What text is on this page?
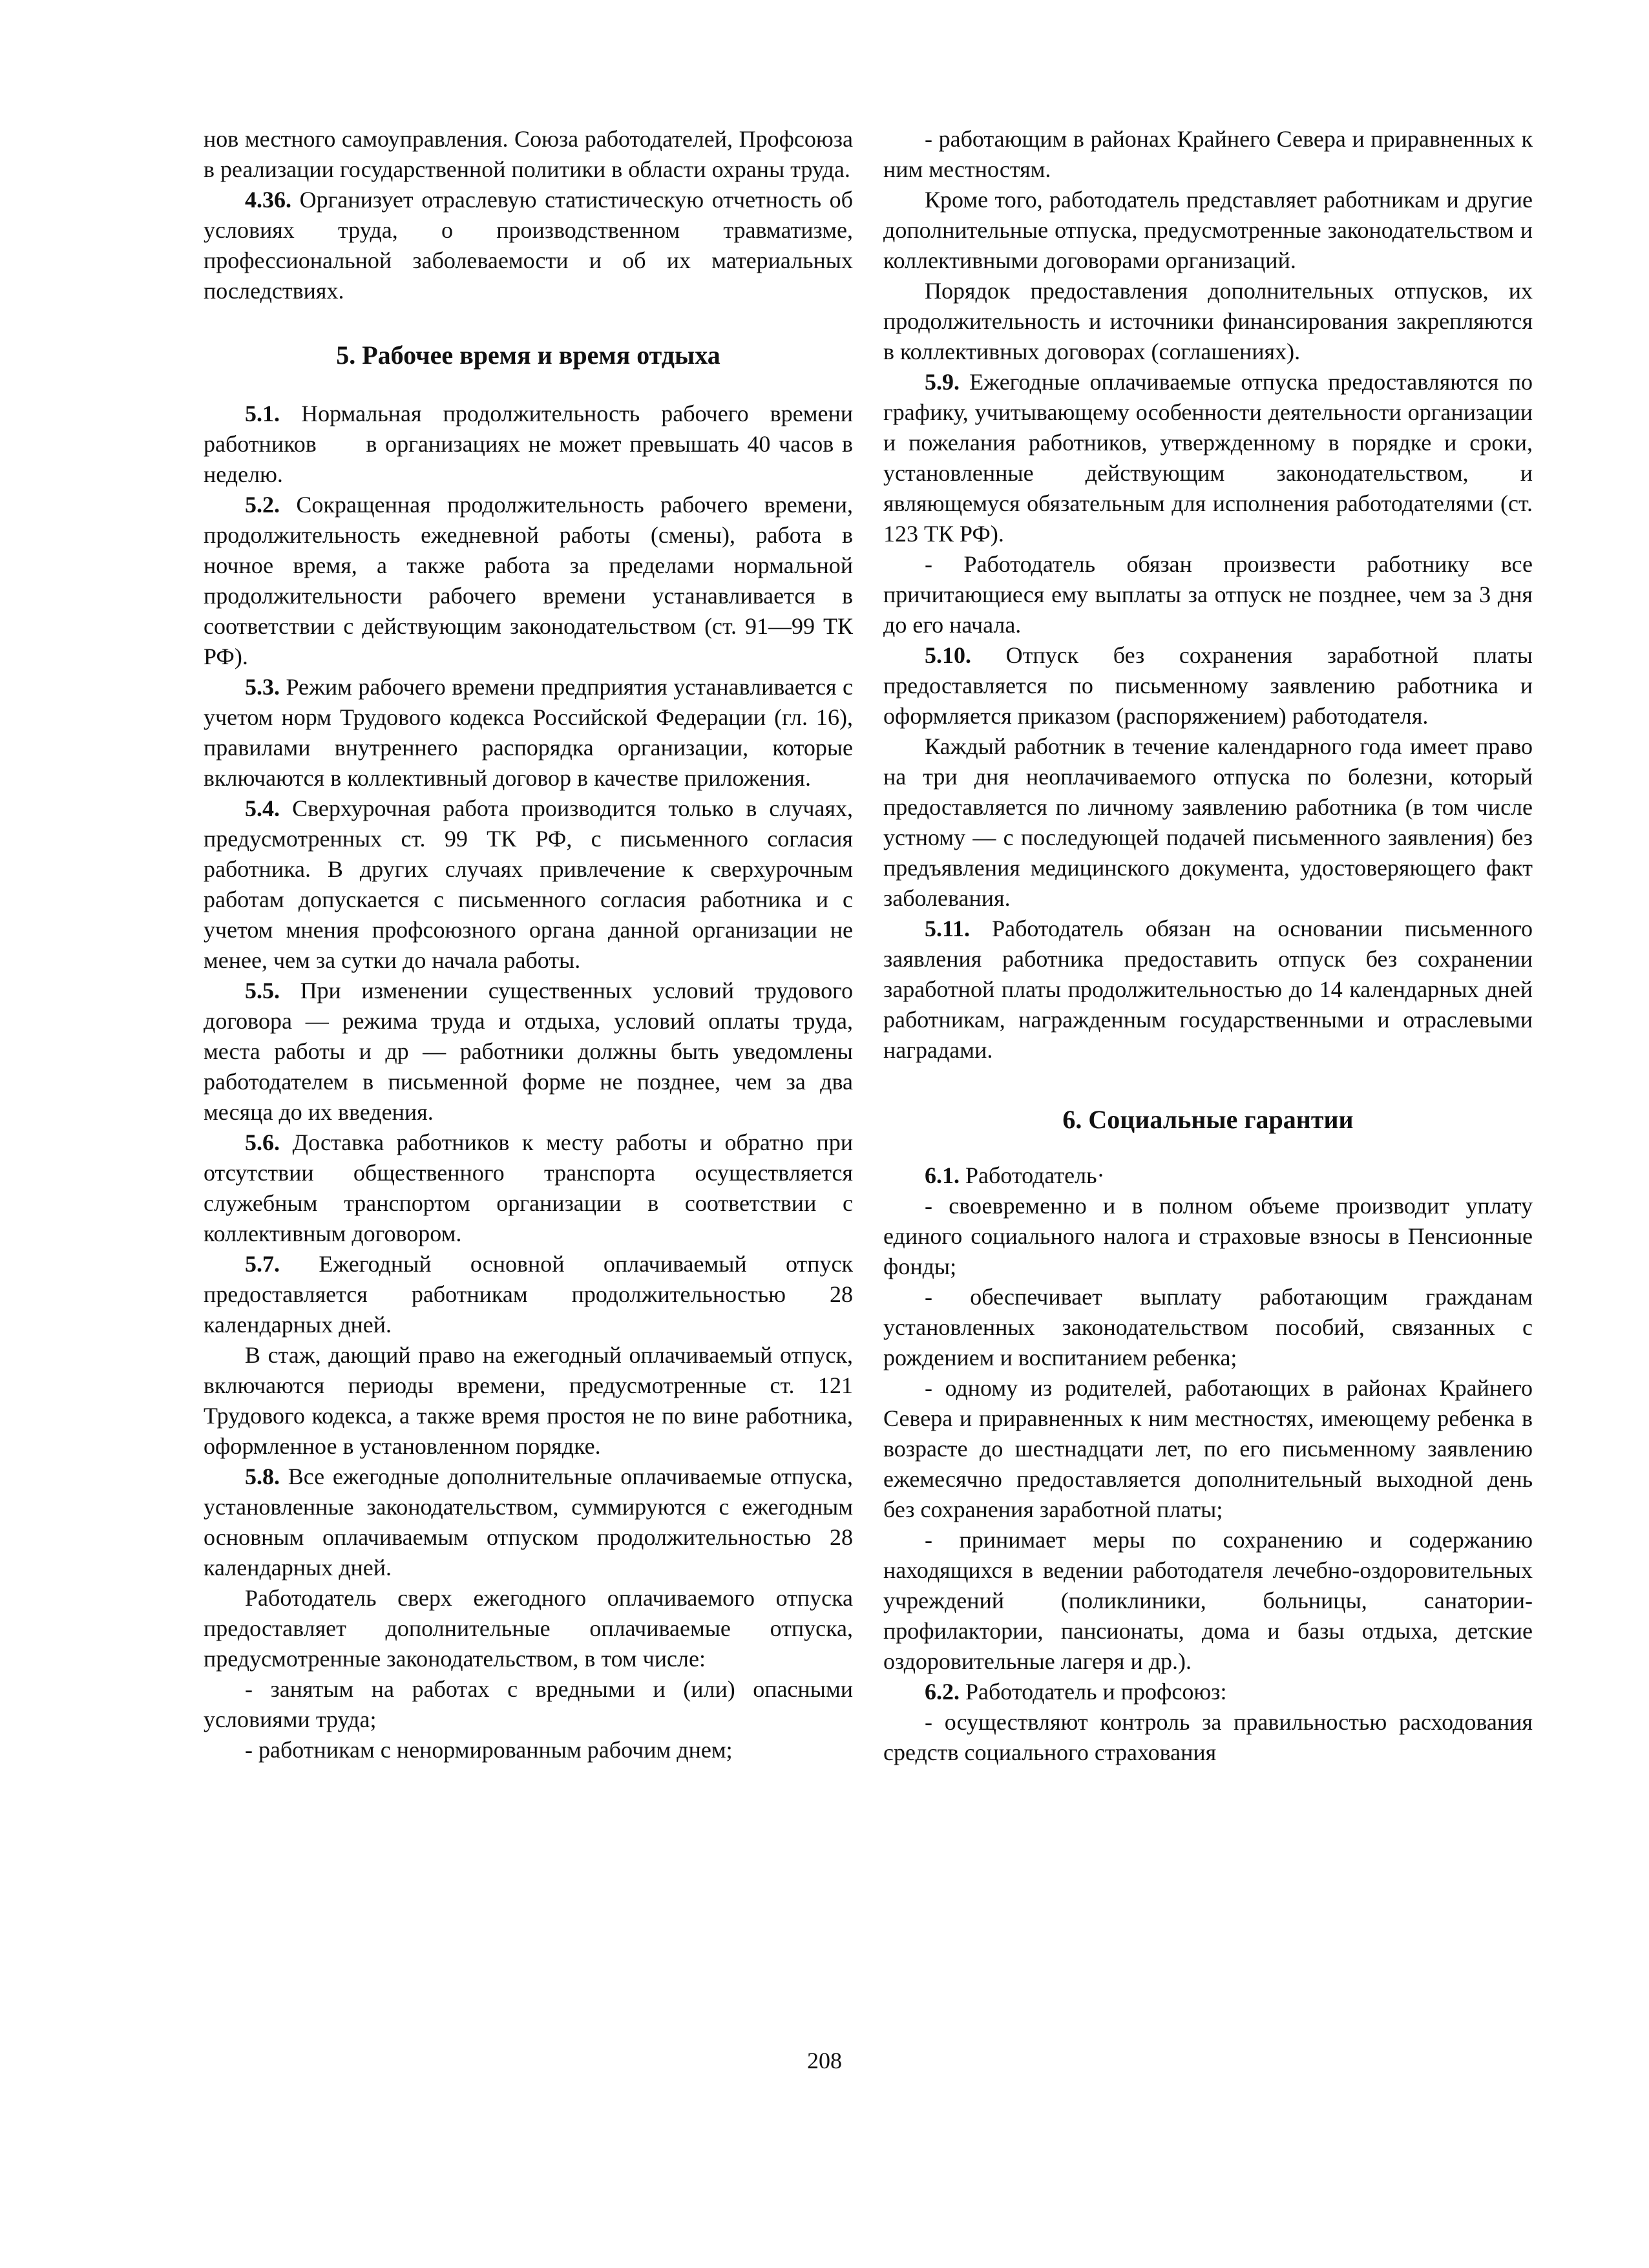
нов местного самоуправления. Союза работодателей, Профсоюза в реализации государственной политики в области охраны труда.

4.36. Организует отраслевую статистическую отчетность об условиях труда, о производственном травматизме, профессиональной заболеваемости и об их материальных последствиях.

5. Рабочее время и время отдыха

5.1. Нормальная продолжительность рабочего времени работников      в организациях не может превышать 40 часов в неделю.

5.2. Сокращенная продолжительность рабочего времени, продолжительность ежедневной работы (смены), работа в ночное время, а также работа за пределами нормальной продолжительности рабочего времени устанавливается в соответствии с действующим законодательством (ст. 91—99 ТК РФ).

5.3. Режим рабочего времени предприятия устанавливается с учетом норм Трудового кодекса Российской Федерации (гл. 16), правилами внутреннего распорядка организации, которые включаются в коллективный договор в качестве приложения.

5.4. Сверхурочная работа производится только в случаях, предусмотренных ст. 99 ТК РФ, с письменного согласия работника. В других случаях привлечение к сверхурочным работам допускается с письменного согласия работника и с учетом мнения профсоюзного органа данной организации не менее, чем за сутки до начала работы.

5.5. При изменении существенных условий трудового договора — режима труда и отдыха, условий оплаты труда, места работы и др — работники должны быть уведомлены работодателем в письменной форме не позднее, чем за два месяца до их введения.

5.6. Доставка работников к месту работы и обратно при отсутствии общественного транспорта осуществляется служебным транспортом организации в соответствии с коллективным договором.

5.7. Ежегодный основной оплачиваемый отпуск предоставляется работникам продолжительностью 28 календарных дней.

В стаж, дающий право на ежегодный оплачиваемый отпуск, включаются периоды времени, предусмотренные ст. 121 Трудового кодекса, а также время простоя не по вине работника, оформленное в установленном порядке.

5.8. Все ежегодные дополнительные оплачиваемые отпуска, установленные законодательством, суммируются с ежегодным основным оплачиваемым отпуском продолжительностью 28 календарных дней.

Работодатель сверх ежегодного оплачиваемого отпуска предоставляет дополнительные оплачиваемые отпуска, предусмотренные законодательством, в том числе:

- занятым на работах с вредными и (или) опасными условиями труда;

- работникам с ненормированным рабочим днем;

- работающим в районах Крайнего Севера и приравненных к ним местностям.

Кроме того, работодатель представляет работникам и другие дополнительные отпуска, предусмотренные законодательством и коллективными договорами организаций.

Порядок предоставления дополнительных отпусков, их продолжительность и источники финансирования закрепляются в коллективных договорах (соглашениях).

5.9. Ежегодные оплачиваемые отпуска предоставляются по графику, учитывающему особенности деятельности организации и пожелания работников, утвержденному в порядке и сроки, установленные действующим законодательством, и являющемуся обязательным для исполнения работодателями (ст. 123 ТК РФ).

- Работодатель обязан произвести работнику все причитающиеся ему выплаты за отпуск не позднее, чем за 3 дня до его начала.

5.10. Отпуск без сохранения заработной платы предоставляется по письменному заявлению работника и оформляется приказом (распоряжением) работодателя.

Каждый работник в течение календарного года имеет право на три дня неоплачиваемого отпуска по болезни, который предоставляется по личному заявлению работника (в том числе устному — с последующей подачей письменного заявления) без предъявления медицинского документа, удостоверяющего факт заболевания.

5.11. Работодатель обязан на основании письменного заявления работника предоставить отпуск без сохранении заработной платы продолжительностью до 14 календарных дней работникам, награжденным государственными и отраслевыми наградами.

6. Социальные гарантии

6.1. Работодатель·

- своевременно и в полном объеме производит уплату единого социального налога и страховые взносы в Пенсионные фонды;

- обеспечивает выплату работающим гражданам установленных законодательством пособий, связанных с рождением и воспитанием ребенка;

- одному из родителей, работающих в районах Крайнего Севера и приравненных к ним местностях, имеющему ребенка в возрасте до шестнадцати лет, по его письменному заявлению ежемесячно предоставляется дополнительный выходной день без сохранения заработной платы;

- принимает меры по сохранению и содержанию находящихся в ведении работодателя лечебно-оздоровительных учреждений (поликлиники, больницы, санатории-профилактории, пансионаты, дома и базы отдыха, детские оздоровительные лагеря и др.).

6.2. Работодатель и профсоюз:

- осуществляют контроль за правильностью расходования средств социального страхования

208
